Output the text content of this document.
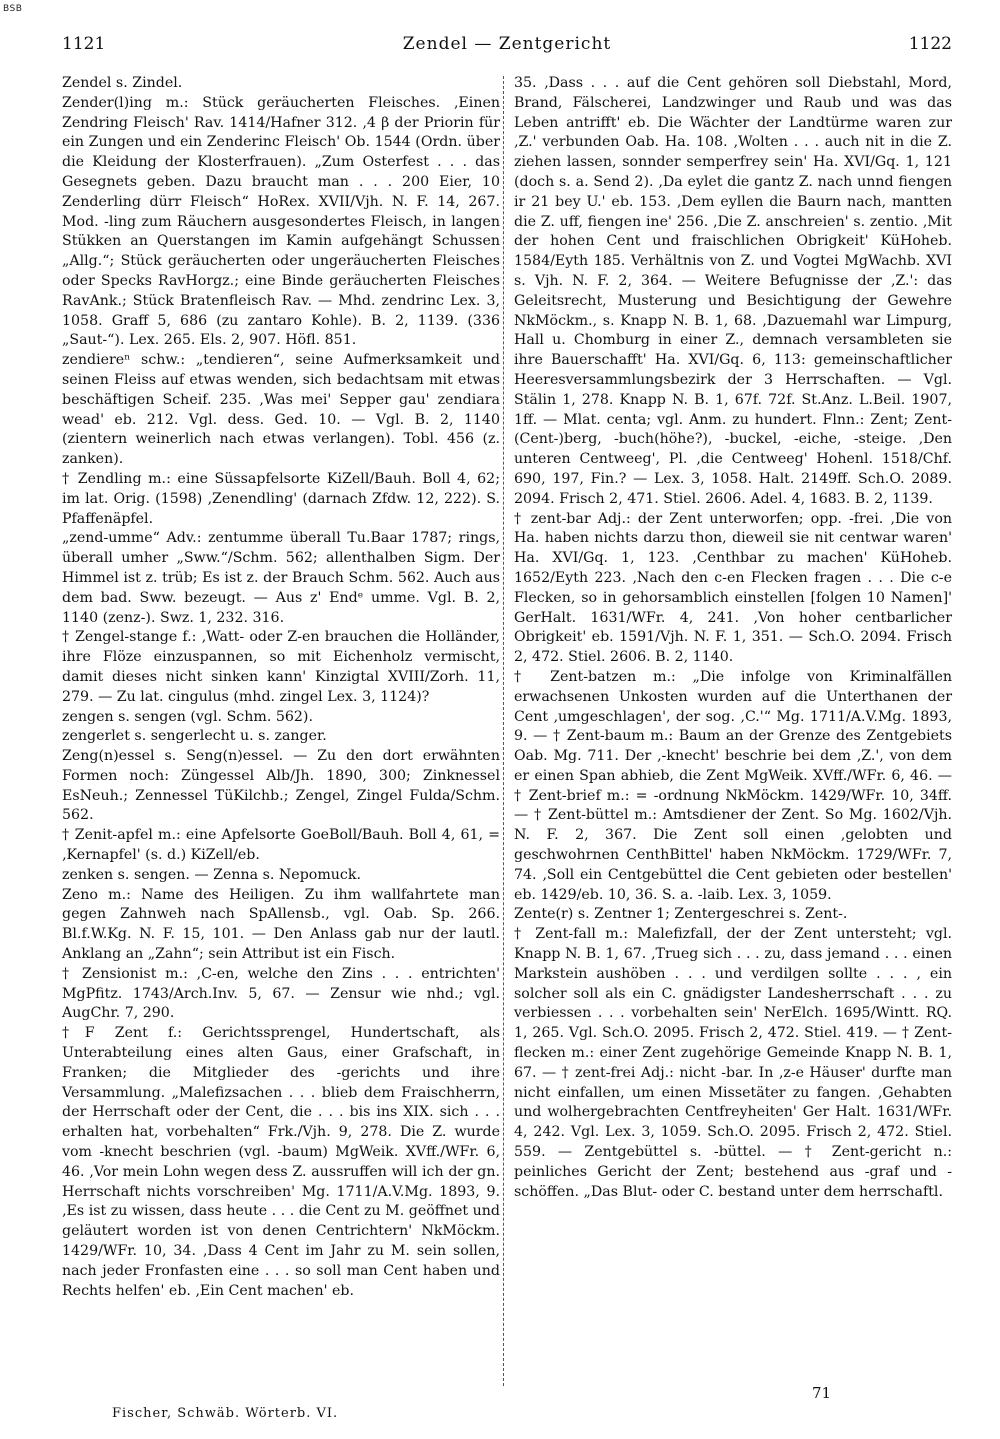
BSB
1121	Zendel — Zentgericht	1122

Zendel s. Zindel.

Zender(l)ing m.: Stück geräucherten Fleisches. ‚Einen Zendring Fleisch' Rav. 1414/Hafner 312. ‚4 β der Priorin für ein Zungen und ein Zenderinc Fleisch' Ob. 1544 (Ordn. über die Kleidung der Klosterfrauen). „Zum Osterfest . . . das Gesegnets geben. Dazu braucht man . . . 200 Eier, 10 Zenderling dürr Fleisch“ HoRex. XVII/Vjh. N. F. 14, 267. Mod. -ling zum Räuchern ausgesondertes Fleisch, in langen Stükken an Querstangen im Kamin aufgehängt Schussen „Allg.“; Stück geräucherten oder ungeräucherten Fleisches oder Specks RavHorgz.; eine Binde geräucherten Fleisches RavAnk.; Stück Bratenfleisch Rav. — Mhd. zendrinc Lex. 3, 1058. Graff 5, 686 (zu zantaro Kohle). B. 2, 1139. (336 „Saut-“). Lex. 265. Els. 2, 907. Höfl. 851.

zendiereⁿ schw.: „tendieren“, seine Aufmerksamkeit und seinen Fleiss auf etwas wenden, sich bedachtsam mit etwas beschäftigen Scheif. 235. ‚Was mei' Sepper gau' zendiara wead' eb. 212. Vgl. dess. Ged. 10. — Vgl. B. 2, 1140 (zientern weinerlich nach etwas verlangen). Tobl. 456 (z. zanken).

† Zendling m.: eine Süssapfelsorte KiZell/Bauh. Boll 4, 62; im lat. Orig. (1598) ‚Zenendling' (darnach Zfdw. 12, 222). S. Pfaffenäpfel.

„zend-umme“ Adv.: zentumme überall Tu.Baar 1787; rings, überall umher „Sww.“/Schm. 562; allenthalben Sigm. Der Himmel ist z. trüb; Es ist z. der Brauch Schm. 562. Auch aus dem bad. Sww. bezeugt. — Aus z' Endᵉ umme. Vgl. B. 2, 1140 (zenz-). Swz. 1, 232. 316.

† Zengel-stange f.: ‚Watt- oder Z-en brauchen die Holländer, ihre Flöze einzuspannen, so mit Eichenholz vermischt, damit dieses nicht sinken kann' Kinzigtal XVIII/Zorh. 11, 279. — Zu lat. cingulus (mhd. zingel Lex. 3, 1124)?

zengen s. sengen (vgl. Schm. 562).

zengerlet s. sengerlecht u. s. zanger.

Zeng(n)essel s. Seng(n)essel. — Zu den dort erwähnten Formen noch: Züngessel Alb/Jh. 1890, 300; Zinknessel EsNeuh.; Zennessel TüKilchb.; Zengel, Zingel Fulda/Schm. 562.

† Zenit-apfel m.: eine Apfelsorte GoeBoll/Bauh. Boll 4, 61, = ‚Kernapfel' (s. d.) KiZell/eb.

zenken s. sengen. — Zenna s. Nepomuck.

Zeno m.: Name des Heiligen. Zu ihm wallfahrtete man gegen Zahnweh nach SpAllensb., vgl. Oab. Sp. 266. Bl.f.W.Kg. N. F. 15, 101. — Den Anlass gab nur der lautl. Anklang an „Zahn“; sein Attribut ist ein Fisch.

† Zensionist m.: ‚C-en, welche den Zins . . . entrichten' MgPfitz. 1743/Arch.Inv. 5, 67. — Zensur wie nhd.; vgl. AugChr. 7, 290.

†F Zent f.: Gerichtssprengel, Hundertschaft, als Unterabteilung eines alten Gaus, einer Grafschaft, in Franken; die Mitglieder des -gerichts und ihre Versammlung. „Malefizsachen . . . blieb dem Fraischherrn, der Herrschaft oder der Cent, die . . . bis ins XIX. sich . . . erhalten hat, vorbehalten“ Frk./Vjh. 9, 278. Die Z. wurde vom -knecht beschrien (vgl. -baum) MgWeik. XVff./WFr. 6, 46. ‚Vor mein Lohn wegen dess Z. aussruffen will ich der gn. Herrschaft nichts vorschreiben' Mg. 1711/A.V.Mg. 1893, 9. ‚Es ist zu wissen, dass heute . . . die Cent zu M. geöffnet und geläutert worden ist von denen Centrichtern' NkMöckm. 1429/WFr. 10, 34. ‚Dass 4 Cent im Jahr zu M. sein sollen, nach jeder Fronfasten eine . . . so soll man Cent haben und Rechts helfen' eb. ‚Ein Cent machen' eb.

35. ‚Dass . . . auf die Cent gehören soll Diebstahl, Mord, Brand, Fälscherei, Landzwinger und Raub und was das Leben antrifft' eb. Die Wächter der Landtürme waren zur ‚Z.' verbunden Oab. Ha. 108. ‚Wolten . . . auch nit in die Z. ziehen lassen, sonnder semperfrey sein' Ha. XVI/Gq. 1, 121 (doch s. a. Send 2). ‚Da eylet die gantz Z. nach unnd fiengen ir 21 bey U.' eb. 153. ‚Dem eyllen die Baurn nach, mantten die Z. uff, fiengen ine' 256. ‚Die Z. anschreien' s. zentio. ‚Mit der hohen Cent und fraischlichen Obrigkeit' KüHoheb. 1584/Eyth 185. Verhältnis von Z. und Vogtei MgWachb. XVI s. Vjh. N. F. 2, 364. — Weitere Befugnisse der ‚Z.': das Geleitsrecht, Musterung und Besichtigung der Gewehre NkMöckm., s. Knapp N. B. 1, 68. ‚Dazuemahl war Limpurg, Hall u. Chomburg in einer Z., demnach versambleten sie ihre Bauerschafft' Ha. XVI/Gq. 6, 113: gemeinschaftlicher Heeresversammlungsbezirk der 3 Herrschaften. — Vgl. Stälin 1, 278. Knapp N. B. 1, 67f. 72f. St.Anz. L.Beil. 1907, 1ff. — Mlat. centa; vgl. Anm. zu hundert. Flnn.: Zent; Zent-(Cent-)berg, -buch(höhe?), -buckel, -eiche, -steige. ‚Den unteren Centweeg', Pl. ‚die Centweeg' Hohenl. 1518/Chf. 690, 197, Fin.? — Lex. 3, 1058. Halt. 2149ff. Sch.O. 2089. 2094. Frisch 2, 471. Stiel. 2606. Adel. 4, 1683. B. 2, 1139.

† zent-bar Adj.: der Zent unterworfen; opp. -frei. ‚Die von Ha. haben nichts darzu thon, dieweil sie nit centwar waren' Ha. XVI/Gq. 1, 123. ‚Centhbar zu machen' KüHoheb. 1652/Eyth 223. ‚Nach den c-en Flecken fragen . . . Die c-e Flecken, so in gehorsamblich einstellen [folgen 10 Namen]' GerHalt. 1631/WFr. 4, 241. ‚Von hoher centbarlicher Obrigkeit' eb. 1591/Vjh. N. F. 1, 351. — Sch.O. 2094. Frisch 2, 472. Stiel. 2606. B. 2, 1140.

† Zent-batzen m.: „Die infolge von Kriminalfällen erwachsenen Unkosten wurden auf die Unterthanen der Cent ‚umgeschlagen', der sog. ‚C.'“ Mg. 1711/A.V.Mg. 1893, 9. — † Zent-baum m.: Baum an der Grenze des Zentgebiets Oab. Mg. 711. Der ‚-knecht' beschrie bei dem ‚Z.', von dem er einen Span abhieb, die Zent MgWeik. XVff./WFr. 6, 46. — † Zent-brief m.: = -ordnung NkMöckm. 1429/WFr. 10, 34ff. — † Zent-büttel m.: Amtsdiener der Zent. So Mg. 1602/Vjh. N. F. 2, 367. Die Zent soll einen ‚gelobten und geschwohrnen CenthBittel' haben NkMöckm. 1729/WFr. 7, 74. ‚Soll ein Centgebüttel die Cent gebieten oder bestellen' eb. 1429/eb. 10, 36. S. a. -laib. Lex. 3, 1059.

Zente(r) s. Zentner 1; Zentergeschrei s. Zent-.

† Zent-fall m.: Malefizfall, der der Zent untersteht; vgl. Knapp N. B. 1, 67. ‚Trueg sich . . . zu, dass jemand . . . einen Markstein aushöben . . . und verdilgen sollte . . . , ein solcher soll als ein C. gnädigster Landesherrschaft . . . zu verbiessen . . . vorbehalten sein' NerElch. 1695/Wintt. RQ. 1, 265. Vgl. Sch.O. 2095. Frisch 2, 472. Stiel. 419. — † Zent-flecken m.: einer Zent zugehörige Gemeinde Knapp N. B. 1, 67. — † zent-frei Adj.: nicht -bar. In ‚z-e Häuser' durfte man nicht einfallen, um einen Missetäter zu fangen. ‚Gehabten und wolhergebrachten Centfreyheiten' Ger Halt. 1631/WFr. 4, 242. Vgl. Lex. 3, 1059. Sch.O. 2095. Frisch 2, 472. Stiel. 559. — Zentgebüttel s. -büttel. — † Zent-gericht n.: peinliches Gericht der Zent; bestehend aus -graf und -schöffen. „Das Blut- oder C. bestand unter dem herrschaftl.

Fischer, Schwäb. Wörterb. VI.
71
